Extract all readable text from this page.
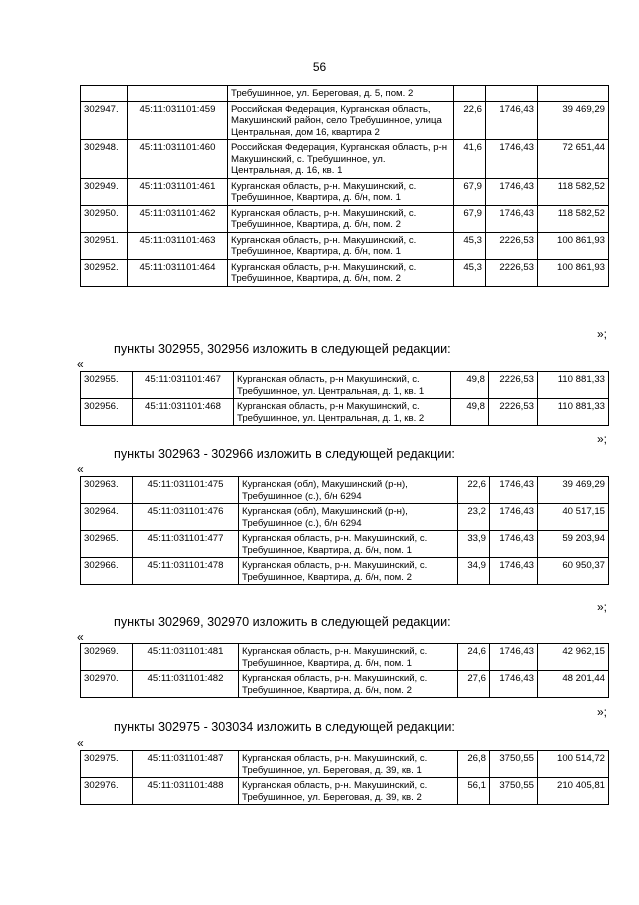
56
		Требушинное, ул. Береговая, д. 5, пом. 2			
302947.	45:11:031101:459	Российская Федерация, Курганская область, Макушинский район, село Требушинное, улица Центральная, дом 16, квартира 2	22,6	1746,43	39 469,29
302948.	45:11:031101:460	Российская Федерация, Курганская область, р-н Макушинский, с. Требушинное, ул. Центральная, д. 16, кв. 1	41,6	1746,43	72 651,44
302949.	45:11:031101:461	Курганская область, р-н. Макушинский, с. Требушинное, Квартира, д. б/н, пом. 1	67,9	1746,43	118 582,52
302950.	45:11:031101:462	Курганская область, р-н. Макушинский, с. Требушинное, Квартира, д. б/н, пом. 2	67,9	1746,43	118 582,52
302951.	45:11:031101:463	Курганская область, р-н. Макушинский, с. Требушинное, Квартира, д. б/н, пом. 1	45,3	2226,53	100 861,93
302952.	45:11:031101:464	Курганская область, р-н. Макушинский, с. Требушинное, Квартира, д. б/н, пом. 2	45,3	2226,53	100 861,93
»;
пункты 302955, 302956 изложить в следующей редакции:
«
302955.	45:11:031101:467	Курганская область, р-н Макушинский, с. Требушинное, ул. Центральная, д. 1, кв. 1	49,8	2226,53	110 881,33
302956.	45:11:031101:468	Курганская область, р-н Макушинский, с. Требушинное, ул. Центральная, д. 1, кв. 2	49,8	2226,53	110 881,33
»;
пункты 302963 - 302966 изложить в следующей редакции:
«
302963.	45:11:031101:475	Курганская (обл), Макушинский (р-н), Требушинное (с.), б/н 6294	22,6	1746,43	39 469,29
302964.	45:11:031101:476	Курганская (обл), Макушинский (р-н), Требушинное (с.), б/н 6294	23,2	1746,43	40 517,15
302965.	45:11:031101:477	Курганская область, р-н. Макушинский, с. Требушинное, Квартира, д. б/н, пом. 1	33,9	1746,43	59 203,94
302966.	45:11:031101:478	Курганская область, р-н. Макушинский, с. Требушинное, Квартира, д. б/н, пом. 2	34,9	1746,43	60 950,37
»;
пункты 302969, 302970 изложить в следующей редакции:
«
302969.	45:11:031101:481	Курганская область, р-н. Макушинский, с. Требушинное, Квартира, д. б/н, пом. 1	24,6	1746,43	42 962,15
302970.	45:11:031101:482	Курганская область, р-н. Макушинский, с. Требушинное, Квартира, д. б/н, пом. 2	27,6	1746,43	48 201,44
»;
пункты 302975 - 303034 изложить в следующей редакции:
«
302975.	45:11:031101:487	Курганская область, р-н. Макушинский, с. Требушинное, ул. Береговая, д. 39, кв. 1	26,8	3750,55	100 514,72
302976.	45:11:031101:488	Курганская область, р-н. Макушинский, с. Требушинное, ул. Береговая, д. 39, кв. 2	56,1	3750,55	210 405,81
